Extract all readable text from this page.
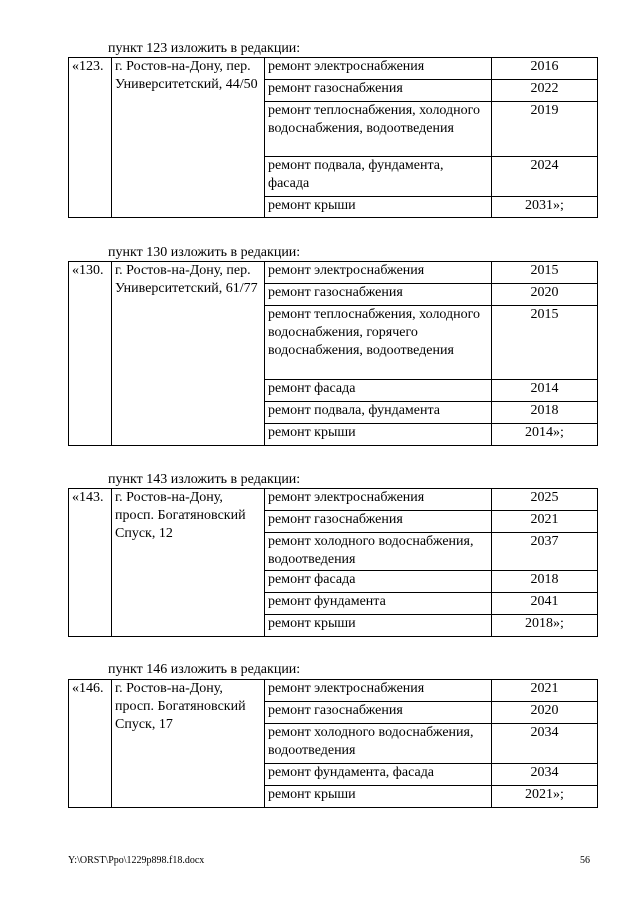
пункт 123 изложить в редакции:
«123.	г. Ростов-на-Дону, пер. Университетский, 44/50	ремонт электроснабжения	2016
		ремонт газоснабжения	2022
		ремонт теплоснабжения, холодного водоснабжения, водоотведения	2019
		ремонт подвала, фундамента, фасада	2024
		ремонт крыши	2031»;
пункт 130 изложить в редакции:
«130.	г. Ростов-на-Дону, пер. Университетский, 61/77	ремонт электроснабжения	2015
		ремонт газоснабжения	2020
		ремонт теплоснабжения, холодного водоснабжения, горячего водоснабжения, водоотведения	2015
		ремонт фасада	2014
		ремонт подвала, фундамента	2018
		ремонт крыши	2014»;
пункт 143 изложить в редакции:
«143.	г. Ростов-на-Дону, просп. Богатяновский Спуск, 12	ремонт электроснабжения	2025
		ремонт газоснабжения	2021
		ремонт холодного водоснабжения, водоотведения	2037
		ремонт фасада	2018
		ремонт фундамента	2041
		ремонт крыши	2018»;
пункт 146 изложить в редакции:
«146.	г. Ростов-на-Дону, просп. Богатяновский Спуск, 17	ремонт электроснабжения	2021
		ремонт газоснабжения	2020
		ремонт холодного водоснабжения, водоотведения	2034
		ремонт фундамента, фасада	2034
		ремонт крыши	2021»;
Y:\ORST\Ppo\1229p898.f18.docx	56
